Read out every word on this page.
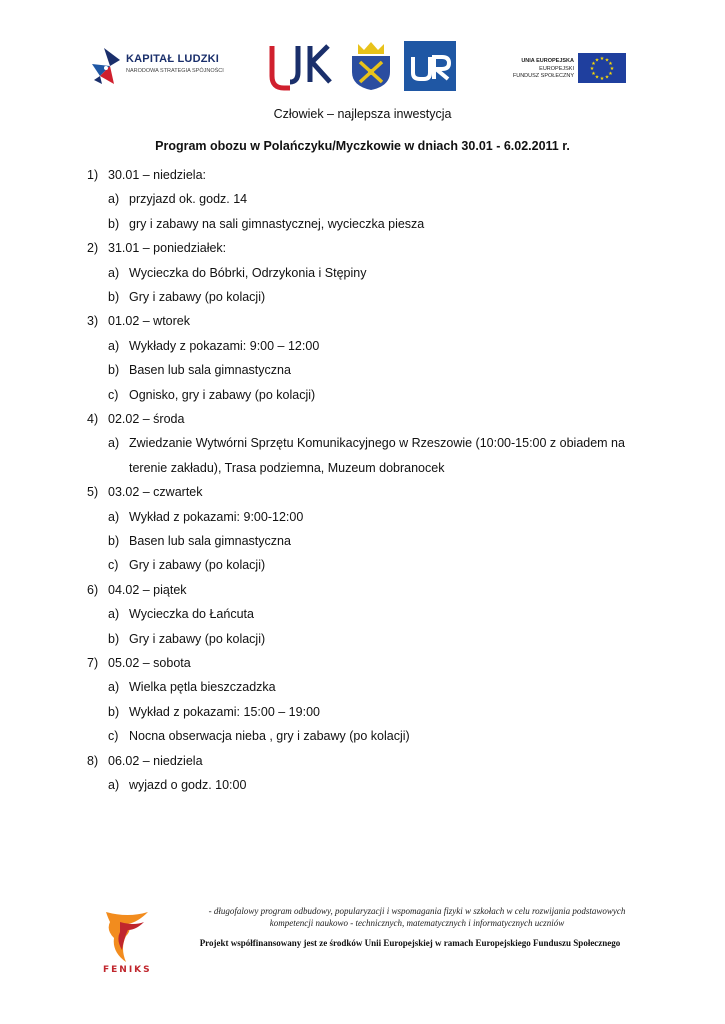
KAPITAŁ LUDZKI
NARODOWA STRATEGIA SPÓJNOŚCI
UNIA EUROPEJSKA
EUROPEJSKI
FUNDUSZ SPOŁECZNY
★ ★
★
★
★
★
★
★
★
★
★
★
Człowiek – najlepsza inwestycja
Program obozu w Polańczyku/Myczkowie w dniach 30.01 - 6.02.2011 r.
1) 30.01 – niedziela:
a) przyjazd ok. godz. 14
b) gry i zabawy na sali gimnastycznej, wycieczka piesza
2) 31.01 – poniedziałek:
a) Wycieczka do Bóbrki, Odrzykonia i Stępiny
b) Gry i zabawy (po kolacji)
3) 01.02 – wtorek
a) Wykłady z pokazami: 9:00 – 12:00
b) Basen lub sala gimnastyczna
c) Ognisko, gry i zabawy (po kolacji)
4) 02.02 – środa
a) Zwiedzanie Wytwórni Sprzętu Komunikacyjnego w Rzeszowie (10:00-15:00 z obiadem na
terenie zakładu), Trasa podziemna, Muzeum dobranocek
5) 03.02 – czwartek
a) Wykład z pokazami: 9:00-12:00
b) Basen lub sala gimnastyczna
c) Gry i zabawy (po kolacji)
6) 04.02 – piątek
a) Wycieczka do Łańcuta
b) Gry i zabawy (po kolacji)
7) 05.02 – sobota
a) Wielka pętla bieszczadzka
b) Wykład z pokazami: 15:00 – 19:00
c) Nocna obserwacja nieba , gry i zabawy (po kolacji)
8) 06.02 – niedziela
a) wyjazd o godz. 10:00
FENIKS
- długofalowy program odbudowy, popularyzacji i wspomagania fizyki w szkołach w celu rozwijania podstawowych
kompetencji naukowo - technicznych, matematycznych i informatycznych uczniów
Projekt współfinansowany jest ze środków Unii Europejskiej w ramach Europejskiego Funduszu Społecznego
